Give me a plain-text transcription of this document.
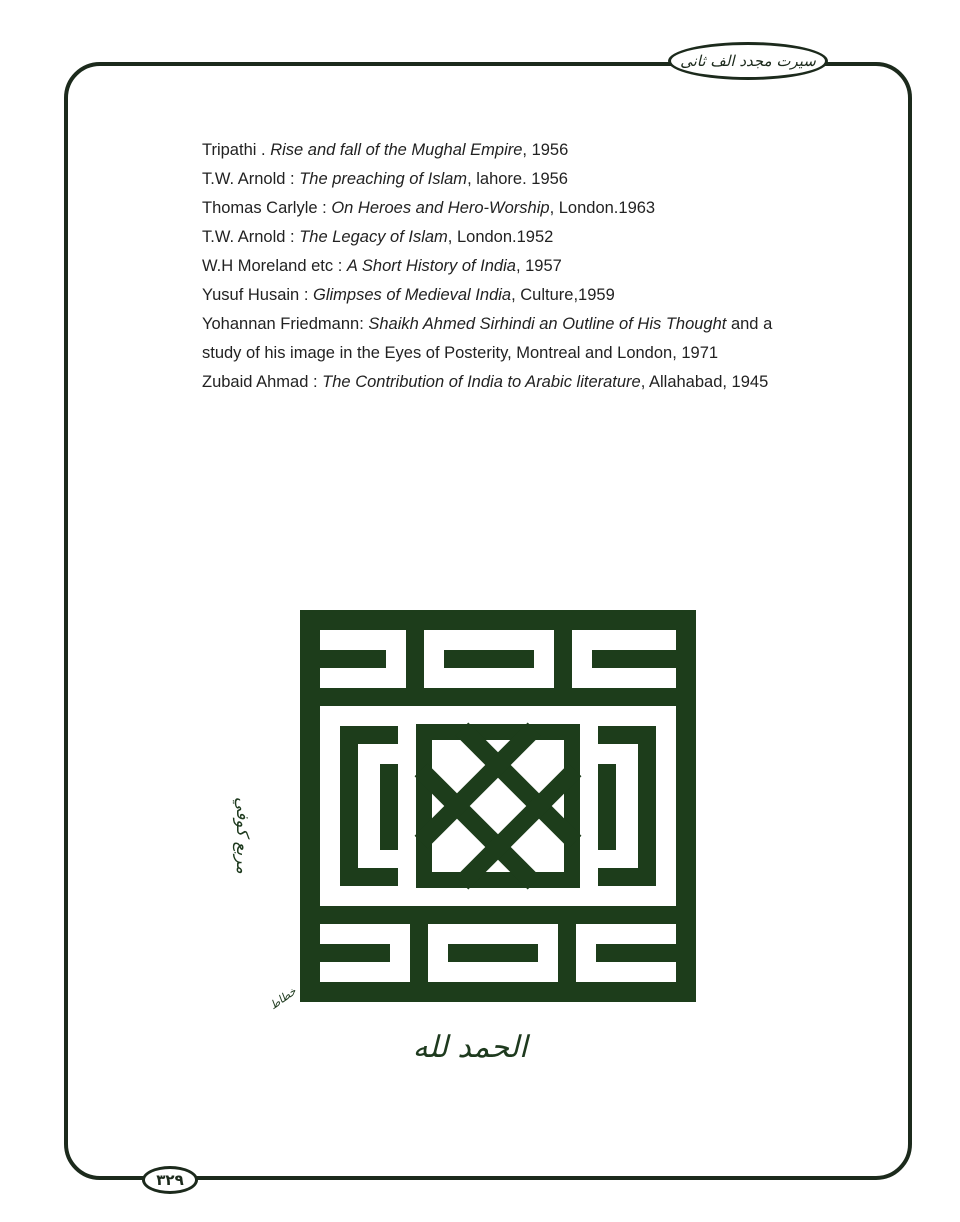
سیرت مجدد الف ثانی
Tripathi . Rise and fall of the Mughal Empire, 1956
T.W. Arnold : The preaching of Islam, lahore. 1956
Thomas Carlyle : On Heroes and Hero-Worship, London.1963
T.W. Arnold : The Legacy of Islam, London.1952
W.H Moreland etc : A Short History of India, 1957
Yusuf Husain : Glimpses of Medieval India, Culture,1959
Yohannan Friedmann: Shaikh Ahmed Sirhindi an Outline of His Thought and a study of his image in the Eyes of Posterity, Montreal and London, 1971
Zubaid Ahmad : The Contribution of India to Arabic literature, Allahabad, 1945
مربع كوفي
خطاط
الحمد لله
۳۲۹
